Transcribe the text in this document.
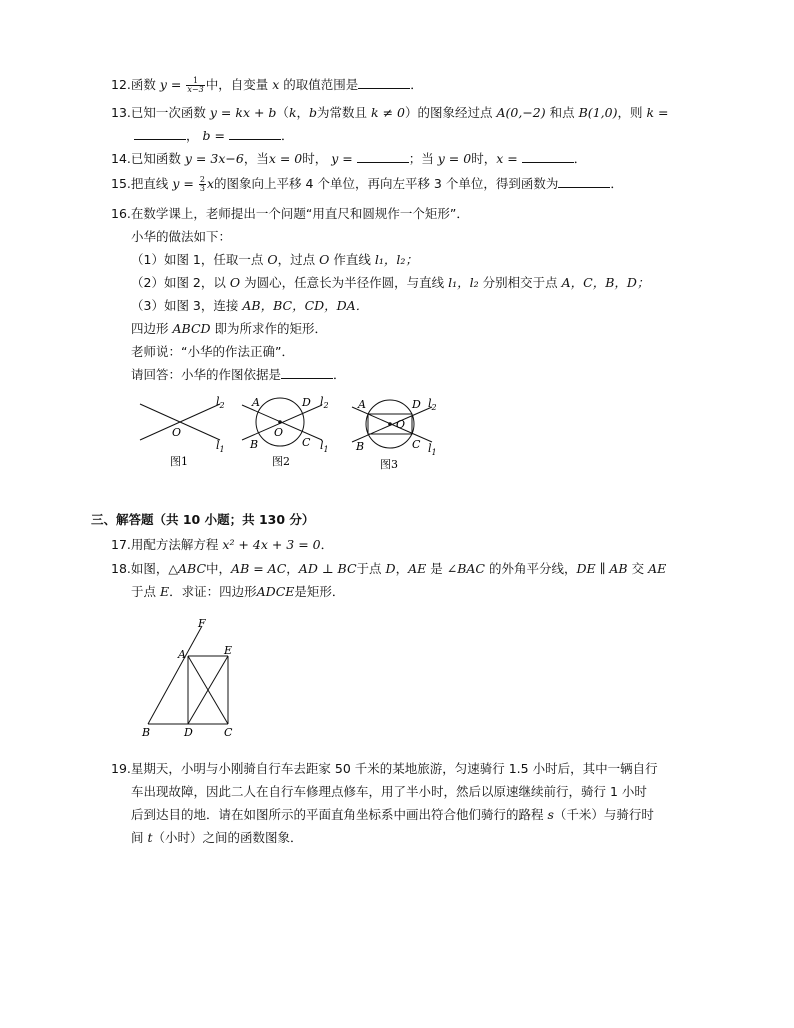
12.函数 $y = \frac{1}{x-3}$ 中，自变量 x 的取值范围是	．
13.已知一次函数 y = kx + b（k，b为常数且 k ≠ 0）的图象经过点 A(0,−2) 和点 B(1,0)，则 k =
， b =	．
14.已知函数 y = 3x−6，当x = 0时， y =	；当 y = 0时，x =	．
15.把直线 $y = \frac{2}{3}$ x的图象向上平移 4 个单位，再向左平移 3 个单位，得到函数为	．
16.在数学课上，老师提出一个问题“用直尺和圆规作一个矩形”．
小华的做法如下：
（1）如图 1，任取一点 O，过点 O 作直线 l₁，l₂；
（2）如图 2，以 O 为圆心，任意长为半径作圆，与直线 l₁，l₂ 分别相交于点 A，C，B，D；
（3）如图 3，连接 AB，BC，CD，DA．
四边形 ABCD 即为所求作的矩形．
老师说：“小华的作法正确”．
请回答：小华的作图依据是	．
O
$l_2$
$l_1$
图1
A	D
B	C
O
$l_2$
$l_1$
图2
A	D
B	C
O
$l_2$
$l_1$
图3
三、解答题（共 10 小题；共 130 分）
17.用配方法解方程 x² + 4x + 3 = 0．
18.如图，△ABC中，AB = AC，AD ⊥ BC于点 D，AE 是 ∠BAC 的外角平分线，DE ∥ AB 交 AE
于点 E．求证：四边形ADCE是矩形．
F
A	E
B	D	C
19.星期天，小明与小刚骑自行车去距家 50 千米的某地旅游，匀速骑行 1.5 小时后，其中一辆自行
车出现故障，因此二人在自行车修理点修车，用了半小时，然后以原速继续前行，骑行 1 小时
后到达目的地．请在如图所示的平面直角坐标系中画出符合他们骑行的路程 s（千米）与骑行时
间 t（小时）之间的函数图象．
